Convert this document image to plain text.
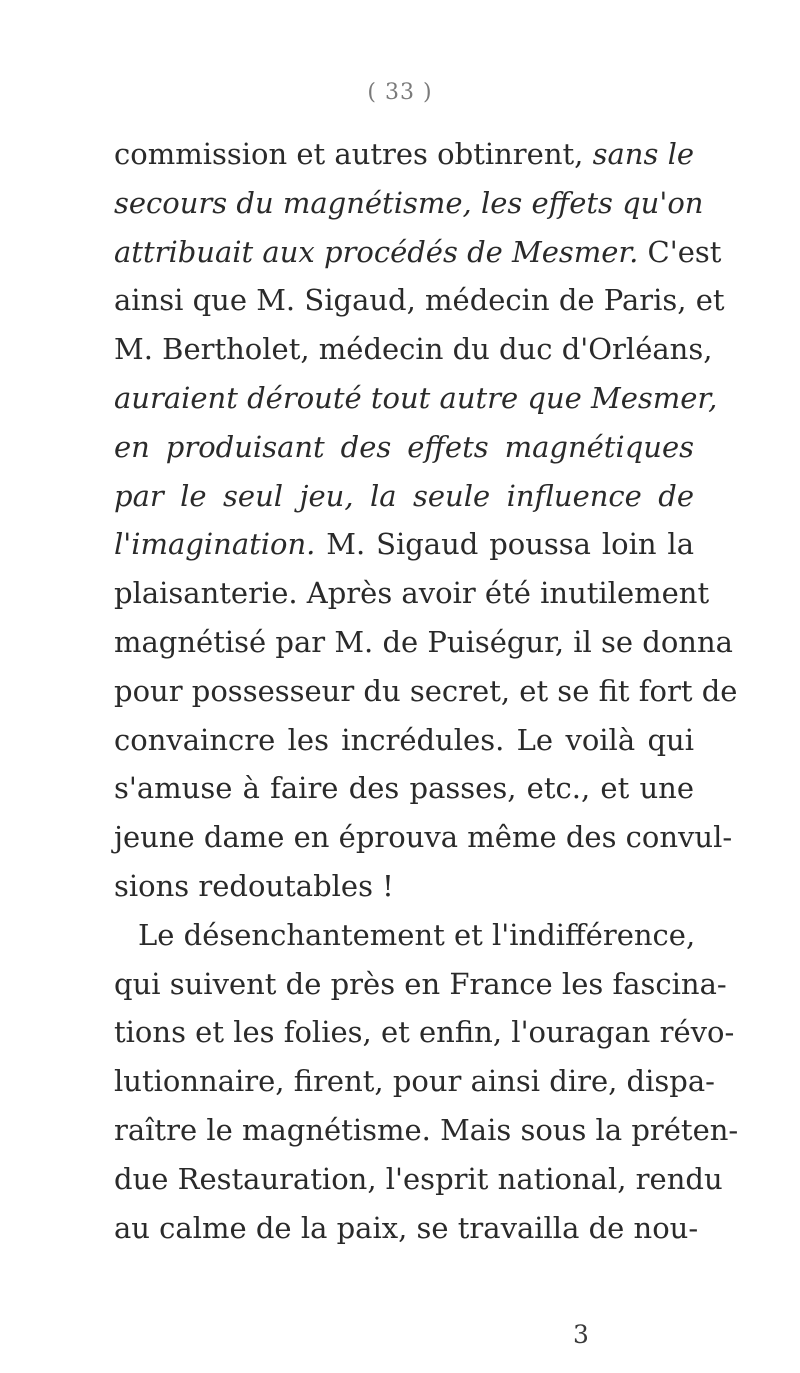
( 33 )
commission et autres obtinrent, sans le
secours du magnétisme, les effets qu'on
attribuait aux procédés de Mesmer. C'est
ainsi que M. Sigaud, médecin de Paris, et
M. Bertholet, médecin du duc d'Orléans,
auraient dérouté tout autre que Mesmer,
en produisant des effets magnétiques
par le seul jeu, la seule influence de
l'imagination. M. Sigaud poussa loin la
plaisanterie. Après avoir été inutilement
magnétisé par M. de Puiségur, il se donna
pour possesseur du secret, et se fit fort de
convaincre les incrédules. Le voilà qui
s'amuse à faire des passes, etc., et une
jeune dame en éprouva même des convul-
sions redoutables !
Le désenchantement et l'indifférence,
qui suivent de près en France les fascina-
tions et les folies, et enfin, l'ouragan révo-
lutionnaire, firent, pour ainsi dire, dispa-
raître le magnétisme. Mais sous la préten-
due Restauration, l'esprit national, rendu
au calme de la paix, se travailla de nou-
3
